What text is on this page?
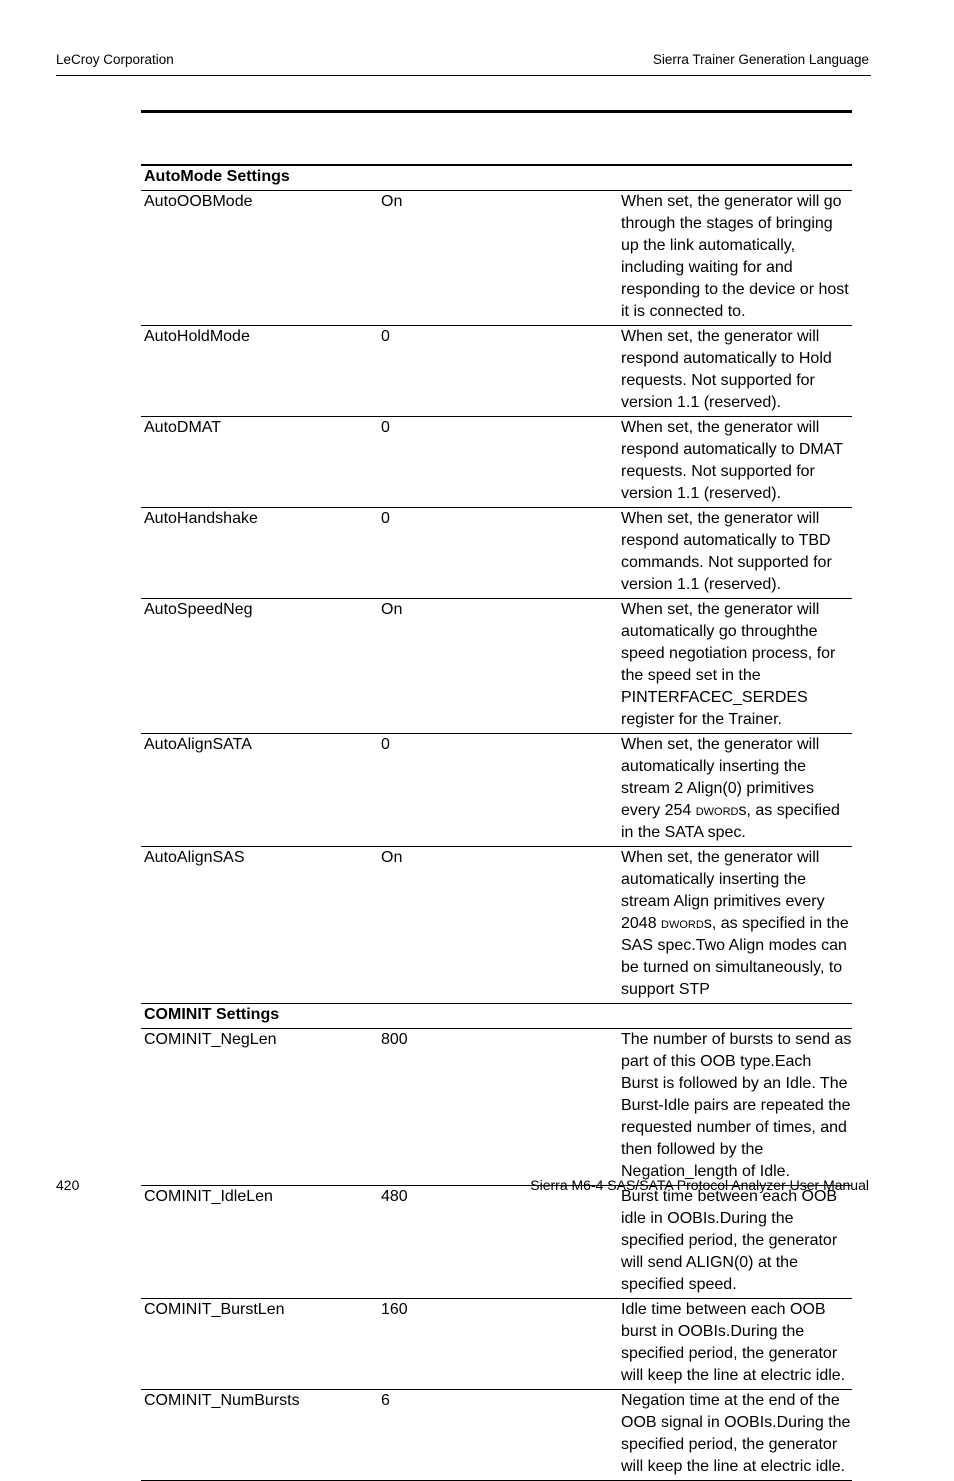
LeCroy Corporation	Sierra Trainer Generation Language
AutoMode Settings		
AutoOOBMode	On	When set, the generator will go through the stages of bringing up the link automatically, including waiting for and responding to the device or host it is connected to.
AutoHoldMode	0	When set, the generator will respond automatically to Hold requests. Not supported for version 1.1 (reserved).
AutoDMAT	0	When set, the generator will respond automatically to DMAT requests. Not supported for version 1.1 (reserved).
AutoHandshake	0	When set, the generator will respond automatically to TBD commands. Not supported for version 1.1 (reserved).
AutoSpeedNeg	On	When set, the generator will automatically go throughthe speed negotiation process, for the speed set in the PINTERFACEC_SERDES register for the Trainer.
AutoAlignSATA	0	When set, the generator will automatically inserting the stream 2 Align(0) primitives every 254 dwords, as specified in the SATA spec.
AutoAlignSAS	On	When set, the generator will automatically inserting the stream Align primitives every 2048 dwords, as specified in the SAS spec.Two Align modes can be turned on simultaneously, to support STP
COMINIT Settings		
COMINIT_NegLen	800	The number of bursts to send as part of this OOB type.Each Burst is followed by an Idle. The Burst-Idle pairs are repeated the requested number of times, and then followed by the Negation_length of Idle.
COMINIT_IdleLen	480	Burst time between each OOB idle in OOBIs.During the specified period, the generator will send ALIGN(0) at the specified speed.
COMINIT_BurstLen	160	Idle time between each OOB burst in OOBIs.During the specified period, the generator will keep the line at electric idle.
COMINIT_NumBursts	6	Negation time at the end of the OOB signal in OOBIs.During the specified period, the generator will keep the line at electric idle.
420	Sierra M6-4 SAS/SATA Protocol Analyzer User Manual
